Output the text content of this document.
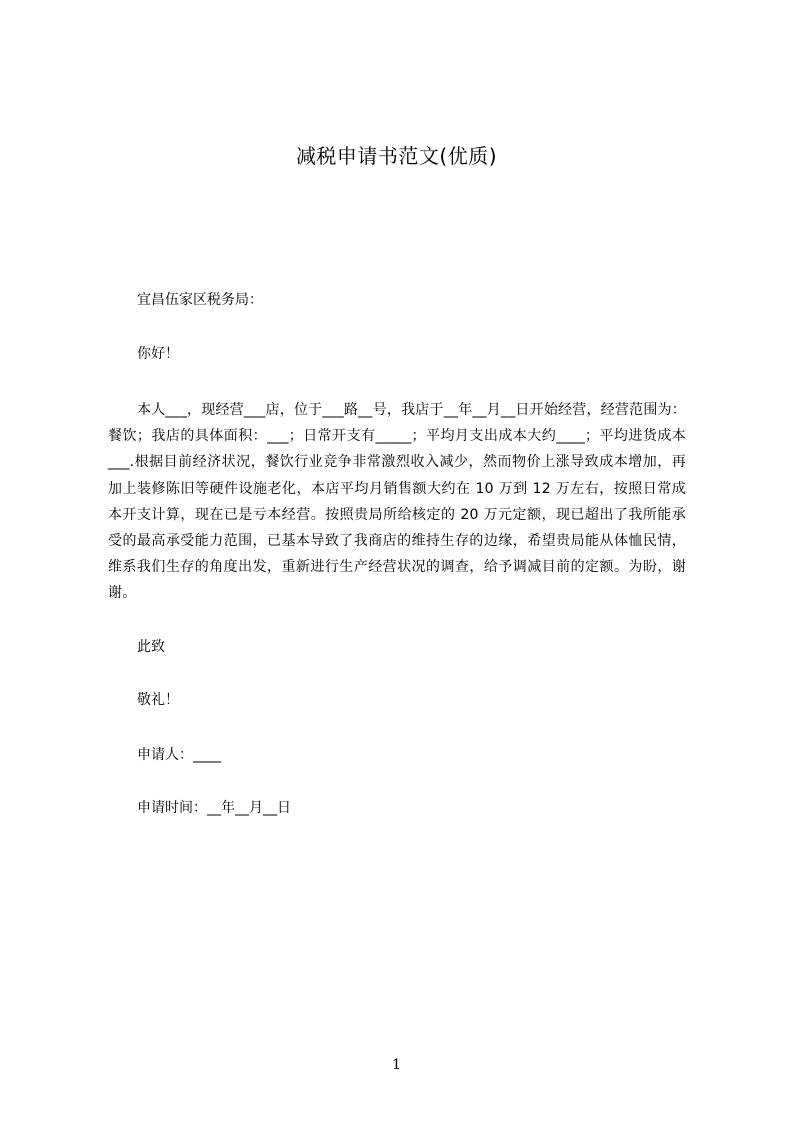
减税申请书范文(优质)
宜昌伍家区税务局：
你好！
本人___，现经营___店，位于___路__号，我店于__年__月__日开始经营，经营范围为：餐饮；我店的具体面积：___；日常开支有_____；平均月支出成本大约____；平均进货成本___.根据目前经济状况，餐饮行业竞争非常激烈收入减少，然而物价上涨导致成本增加，再加上装修陈旧等硬件设施老化，本店平均月销售额大约在 10 万到 12 万左右，按照日常成本开支计算，现在已是亏本经营。按照贵局所给核定的 20 万元定额，现已超出了我所能承受的最高承受能力范围，已基本导致了我商店的维持生存的边缘，希望贵局能从体恤民情，维系我们生存的角度出发，重新进行生产经营状况的调查，给予调减目前的定额。为盼，谢谢。
此致
敬礼！
申请人：____
申请时间：__年__月__日
1
